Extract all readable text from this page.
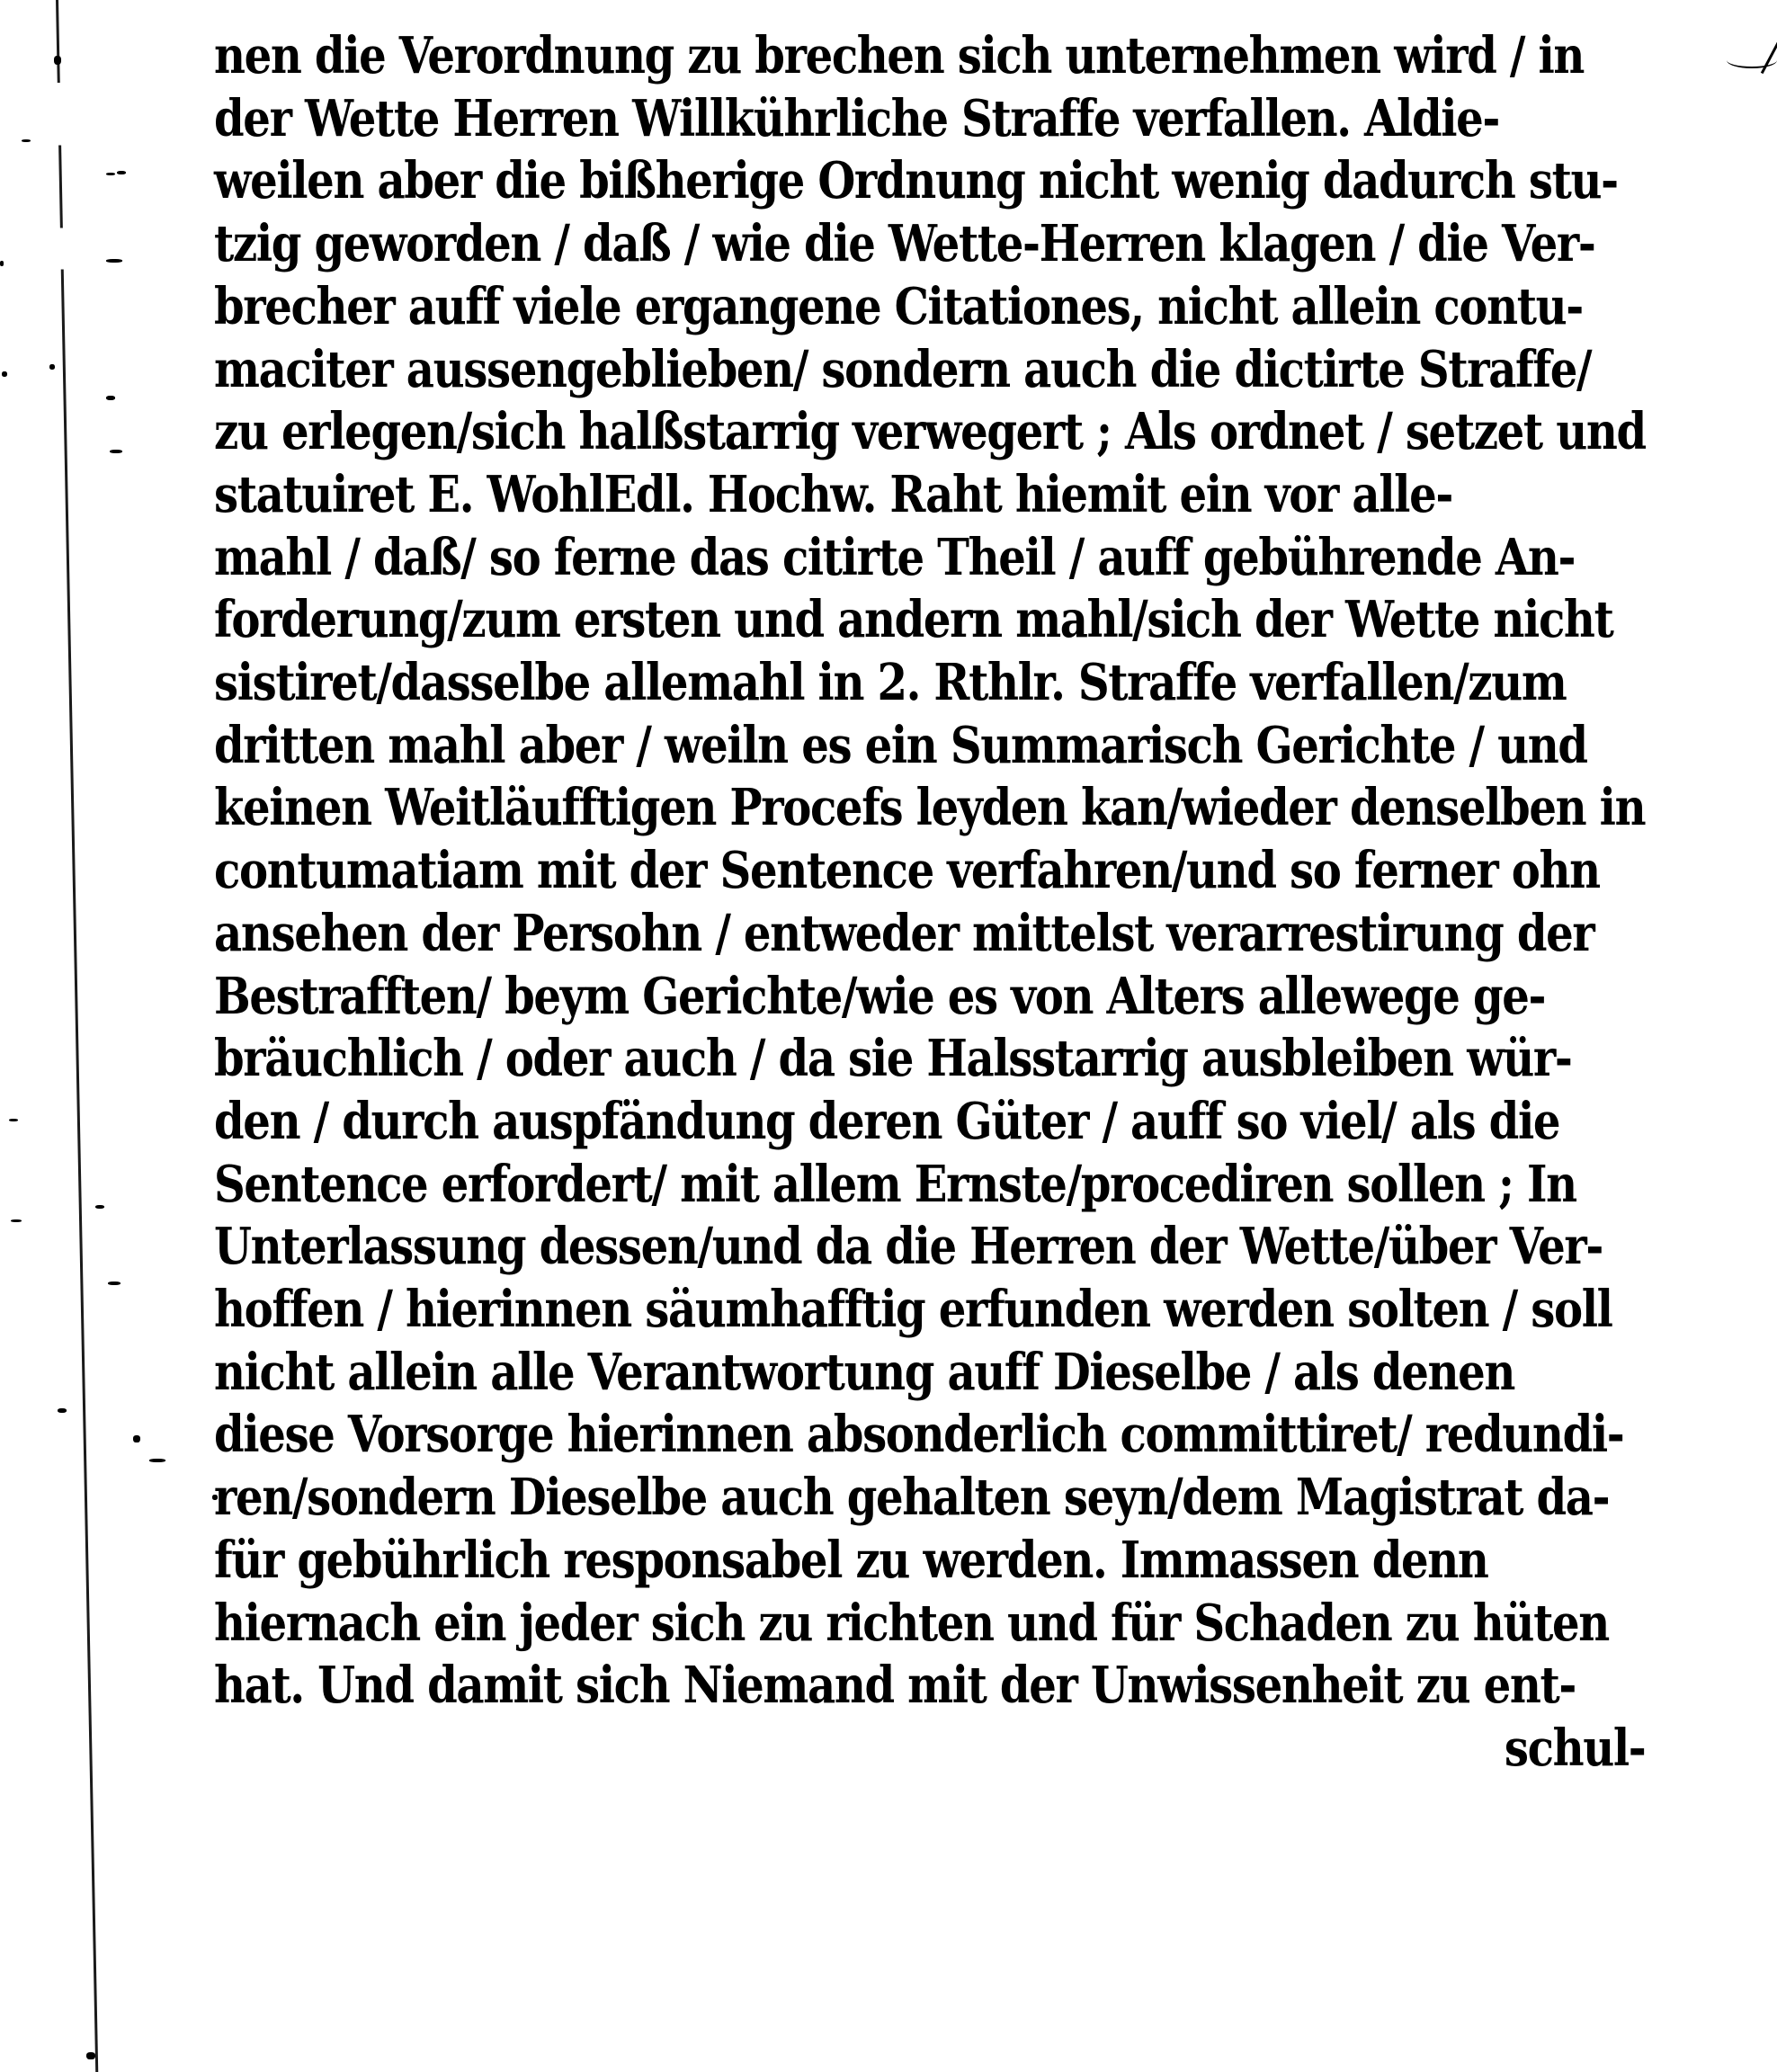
nen die Verordnung zu brechen sich unternehmen wird / in
der Wette Herren Willkührliche Straffe verfallen. Aldie-
weilen aber die bißherige Ordnung nicht wenig dadurch stu-
tzig geworden / daß / wie die Wette-Herren klagen / die Ver-
brecher auff viele ergangene Citationes, nicht allein contu-
maciter aussengeblieben/ sondern auch die dictirte Straffe/
zu erlegen/sich halßstarrig verwegert ; Als ordnet / setzet und
statuiret E. WohlEdl. Hochw. Raht hiemit ein vor alle-
mahl / daß/ so ferne das citirte Theil / auff gebührende An-
forderung/zum ersten und andern mahl/sich der Wette nicht
sistiret/dasselbe allemahl in 2. Rthlr. Straffe verfallen/zum
dritten mahl aber / weiln es ein Summarisch Gerichte / und
keinen Weitläufftigen Procefs leyden kan/wieder denselben in
contumatiam mit der Sentence verfahren/und so ferner ohn
ansehen der Persohn / entweder mittelst verarrestirung der
Bestrafften/ beym Gerichte/wie es von Alters allewege ge-
bräuchlich / oder auch / da sie Halsstarrig ausbleiben wür-
den / durch auspfändung deren Güter / auff so viel/ als die
Sentence erfordert/ mit allem Ernste/procediren sollen ; In
Unterlassung dessen/und da die Herren der Wette/über Ver-
hoffen / hierinnen säumhafftig erfunden werden solten / soll
nicht allein alle Verantwortung auff Dieselbe / als denen
diese Vorsorge hierinnen absonderlich committiret/ redundi-
ren/sondern Dieselbe auch gehalten seyn/dem Magistrat da-
für gebührlich responsabel zu werden. Immassen denn
hiernach ein jeder sich zu richten und für Schaden zu hüten
hat. Und damit sich Niemand mit der Unwissenheit zu ent-
schul-
